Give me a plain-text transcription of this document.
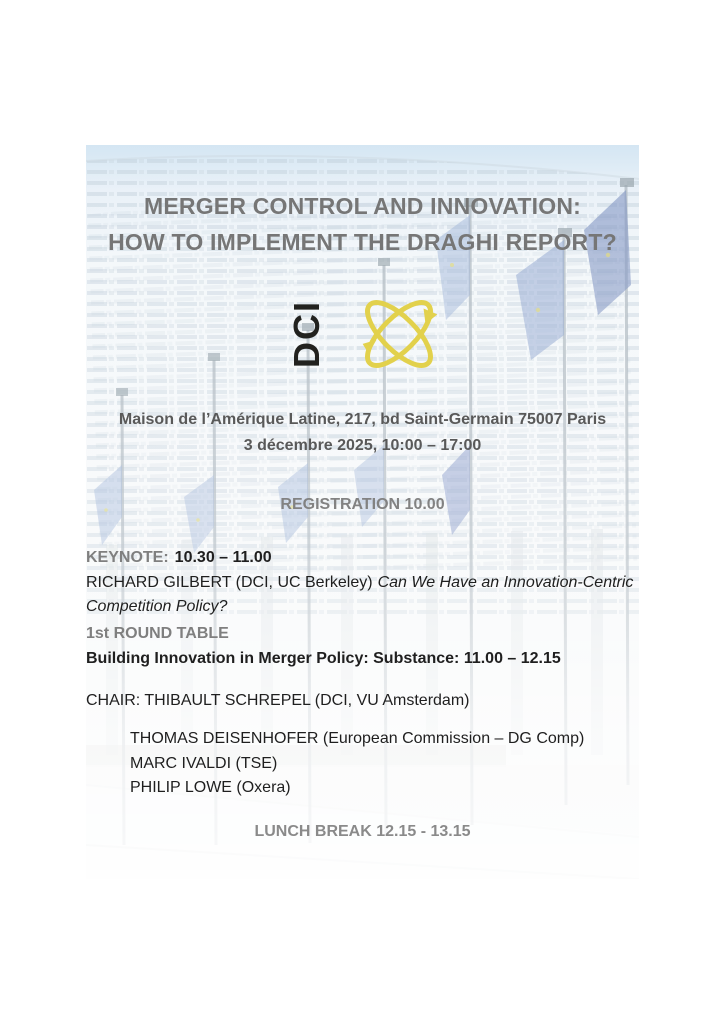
MERGER CONTROL AND INNOVATION:
HOW TO IMPLEMENT THE DRAGHI REPORT?
DCI
Maison de l’Amérique Latine, 217, bd Saint-Germain 75007 Paris
3 décembre 2025, 10:00 – 17:00
REGISTRATION 10.00
KEYNOTE: 10.30 – 11.00
RICHARD GILBERT (DCI, UC Berkeley) Can We Have an Innovation-Centric Competition Policy?
1st ROUND TABLE
Building Innovation in Merger Policy: Substance: 11.00 – 12.15
CHAIR: THIBAULT SCHREPEL (DCI, VU Amsterdam)
THOMAS DEISENHOFER (European Commission – DG Comp)
MARC IVALDI (TSE)
PHILIP LOWE (Oxera)
LUNCH BREAK 12.15 - 13.15
